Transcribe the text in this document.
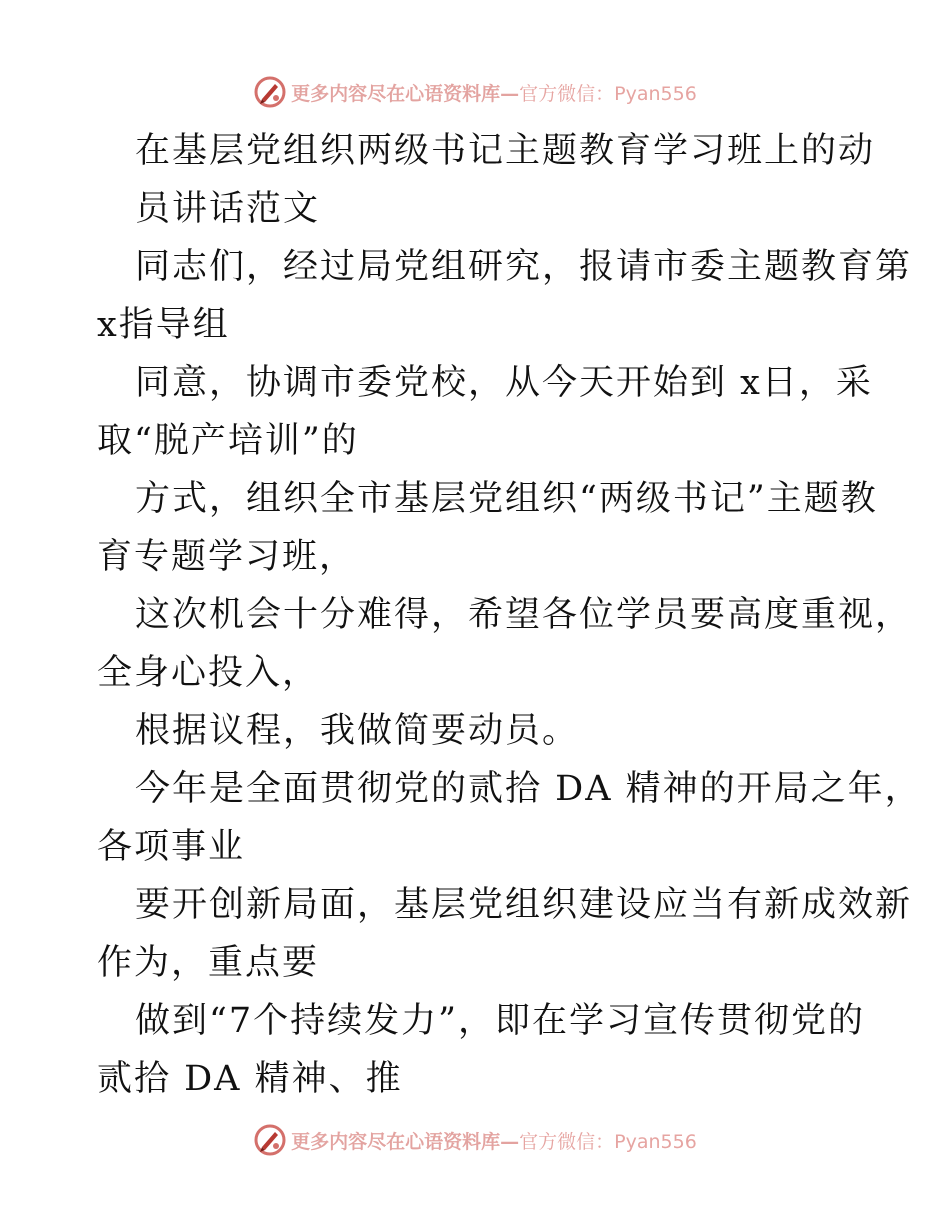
更多内容尽在心语资料库—官方微信：Pyan556
在基层党组织两级书记主题教育学习班上的动
员讲话范文
同志们，经过局党组研究，报请市委主题教育第
x指导组
同意，协调市委党校，从今天开始到 x日，采
取“脱产培训”的
方式，组织全市基层党组织“两级书记”主题教
育专题学习班，
这次机会十分难得，希望各位学员要高度重视，
全身心投入，
根据议程，我做简要动员。
今年是全面贯彻党的贰拾 DA 精神的开局之年，
各项事业
要开创新局面，基层党组织建设应当有新成效新
作为，重点要
做到“7个持续发力”，即在学习宣传贯彻党的
贰拾 DA 精神、推
更多内容尽在心语资料库—官方微信：Pyan556
